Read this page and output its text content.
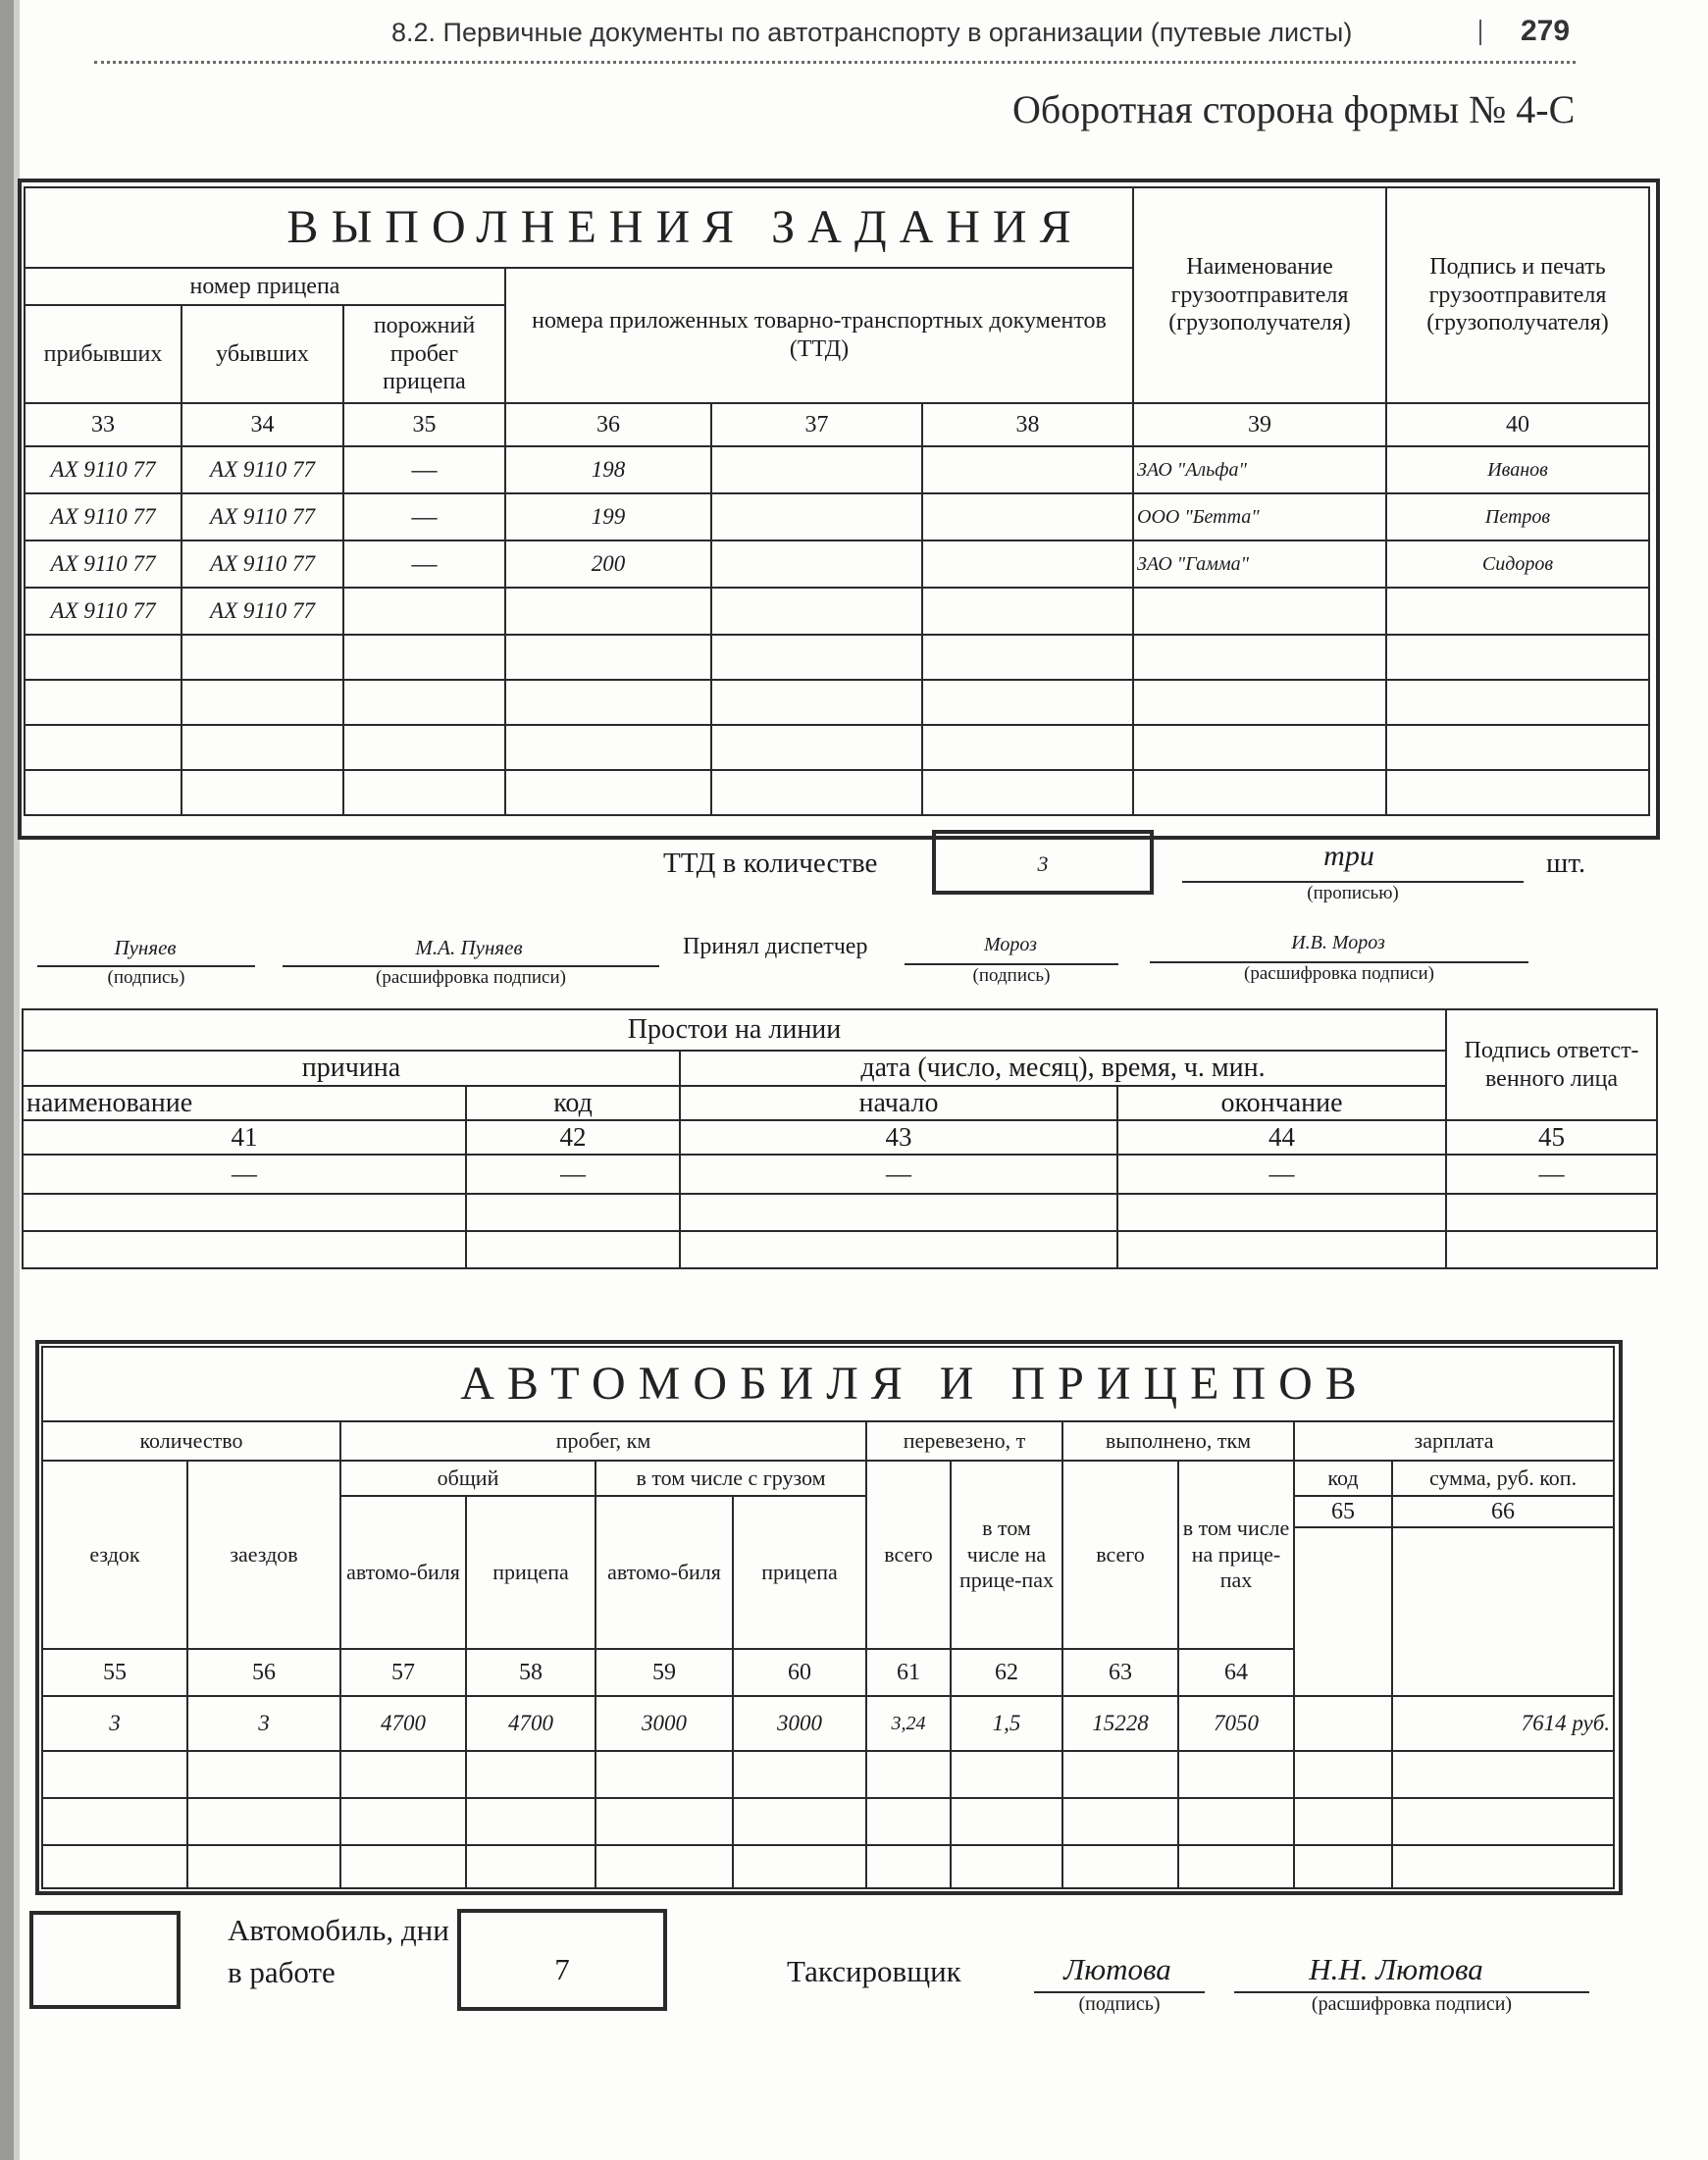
8.2. Первичные документы по автотранспорту в организации (путевые листы)	279
Оборотная сторона формы № 4-С
ВЫПОЛНЕНИЯ ЗАДАНИЯ						Наименование грузоотправителя (грузополучателя)	Подпись и печать грузоотправителя (грузополучателя)
номер прицепа			номера приложенных товарно-транспортных документов (ТТД)				
прибывших	убывших	порожний пробег прицепа					
33	34	35	36	37	38	39	40
АХ 9110 77	АХ 9110 77	—	198			ЗАО "Альфа"	Иванов
АХ 9110 77	АХ 9110 77	—	199			ООО "Бетта"	Петров
АХ 9110 77	АХ 9110 77	—	200			ЗАО "Гамма"	Сидоров
АХ 9110 77	АХ 9110 77						

ТТД в количестве	3	три
(прописью)
шт.
Пуняев
(подпись)
М.А. Пуняев
(расшифровка подписи)
Принял диспетчер	Мороз
(подпись)
И.В. Мороз
(расшифровка подписи)
Простои на линии				Подпись ответст-венного лица
причина		дата (число, месяц), время, ч. мин.		
наименование	код	начало	окончание	
41	42	43	44	45
—	—	—	—	—

АВТОМОБИЛЯ И ПРИЦЕПОВ											
количество		пробег, км				перевезено, т		выполнено, ткм		зарплата	
ездок	заездов	общий		в том числе с грузом		всего	в том числе на прице-пах	всего	в том числе на прице-пах	код	сумма, руб. коп.
		автомо-биля	прицепа	автомо-биля	прицепа					65	66

55	56	57	58	59	60	61	62	63	64		
3	3	4700	4700	3000	3000	3,24	1,5	15228	7050		7614 руб.

Автомобиль, дни в работе	7	Таксировщик	Лютова
(подпись)
Н.Н. Лютова
(расшифровка подписи)
